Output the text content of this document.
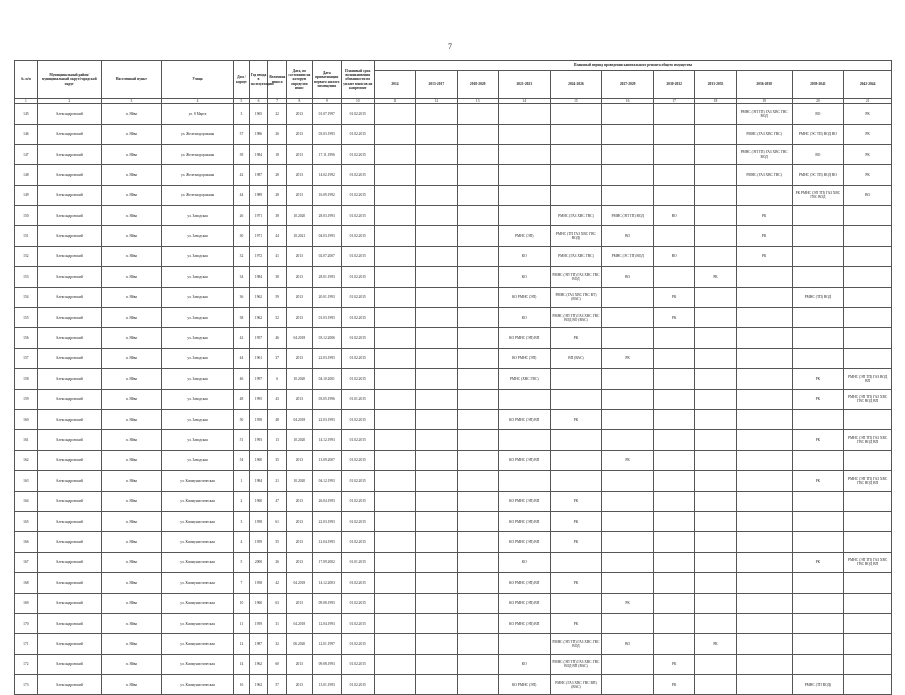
7
№ п/п	Муниципальный район/ муниципальный округ/городской округ	Населенный пункт	Улица	Дом / корпус	Год ввода в эксплуатацию	Величина износа	Дата, по состоянию на которую определен износ	Дата приватизации первого жилого помещения	Плановый срок возникновения обязанности по уплате взносов на капремонт	Плановый период проведения капитального ремонта общего имущества										
										2014	2015-2017	2018-2020	2021-2023	2024-2026	2027-2029	2030-2032	2033-2035	2036-2038	2039-2041	2042-2044
1	2	3	4	5	6	7	8	9	10	11	12	13	14	15	16	17	18	19	20	21
145	Александровский	п. Яйва	ул. 8 Марта	3	1965	22	2013	01.07.1997	01.02.2015									РМНС (ЭП ТП) ГАЗ ХВС ГВС ВОД	ВО	РК
146	Александровский	п. Яйва	ул. Железнодорожная	37	1986	26	2013	03.03.1993	01.02.2015									РМНС (ГАЗ ХВС ГВС)	РМНС (ЭС ТП) ВОД ВО	РК
147	Александровский	п. Яйва	ул. Железнодорожная	39	1984	18	2013	17.11.1996	01.02.2015									РМНС (ЭП ТП) ГАЗ ХВС ГВС ВОД	ВО	РК
148	Александровский	п. Яйва	ул. Железнодорожная	42	1987	28	2013	14.02.1992	01.02.2015									РМНС (ГАЗ ХВС ГВС)	РМНС (ЭС ТП) ВОД ВО	РК
149	Александровский	п. Яйва	ул. Железнодорожная	44	1989	28	2013	16.09.1992	01.02.2015										РК РМНС (ЭП ТП) ГАЗ ХВС ГВС ВОД	ВО
150	Александровский	п. Яйва	ул. Заводская	26	1971	38	10.2020	28.03.1993	01.02.2015					РМНС (ГАЗ ХВС ГВС)	РМНС (ЭП ТП) ВОД	ВО		РК		
151	Александровский	п. Яйва	ул. Заводская	30	1971	44	10.2021	04.03.1993	01.02.2015				РМНС (ЭП)	РМНС (ТП ГАЗ ХВС ГВС ВОД)	ВО			РК		
152	Александровский	п. Яйва	ул. Заводская	32	1972	41	2013	02.07.2007	01.02.2015				КО	РМНС (ГАЗ ХВС ГВС)	РМНС (ЭС ТП) ВОД	ВО		РК		
153	Александровский	п. Яйва	ул. Заводская	34	1984	38	2013	28.01.1993	01.02.2015				КО	РМНС (ЭП ТП) ГАЗ ХВС ГВС ВОД	ВО		РК			
154	Александровский	п. Яйва	ул. Заводская	36	1962	59	2013	20.01.1993	01.02.2015				КО РМНС (ЭП)	РМНС (ГАЗ ХВС ГВС ВТ) (ВАС)		РК			РМНС (ТП) ВОД	
155	Александровский	п. Яйва	ул. Заводская	38	1962	52	2013	01.03.1993	01.02.2015				КО	РМНС (ЭП ТП) ГАЗ ХВС ГВС ВОД ВО (ВАС)		РК				
156	Александровский	п. Яйва	ул. Заводская	42	1957	46	04.2018	03.12.2006	01.02.2015				КО РМНС (ЭП) ВП	РК						
157	Александровский	п. Яйва	ул. Заводская	44	1961	37	2013	22.03.1993	01.02.2015				КО РМНС (ЭП)	ВП (ВАС)	РК					
158	Александровский	п. Яйва	ул. Заводская	46	1997	6	10.2020	04.10.2001	01.02.2015				РМНС (ХВС ГВС)						РК	РМНС (ЭП ТП) ГАЗ ВОД ВП
159	Александровский	п. Яйва	ул. Заводская	48	1995	43	2013	03.05.1996	01.01.2015										РК	РМНС (ЭП ТП) ГАЗ ХВС ГВС ВОД ВП
160	Александровский	п. Яйва	ул. Заводская	50	1958	48	04.2018	22.03.1993	01.02.2015				КО РМНС (ЭП) ВП	РК						
161	Александровский	п. Яйва	ул. Заводская	51	1993	13	10.2020	14.12.1993	01.02.2015										РК	РМНС (ЭП ТП) ГАЗ ХВС ГВС ВОД ВП
162	Александровский	п. Яйва	ул. Заводская	54	1960	35	2013	13.09.2007	01.02.2015				КО РМНС (ЭП) ВП		РК					
163	Александровский	п. Яйва	ул. Коммунистическая	1	1984	21	10.2020	04.12.1993	01.02.2015										РК	РМНС (ЭП ТП) ГАЗ ХВС ГВС ВОД ВП
164	Александровский	п. Яйва	ул. Коммунистическая	2	1960	47	2013	26.04.1993	01.02.2015				КО РМНС (ЭП) ВП	РК						
165	Александровский	п. Яйва	ул. Коммунистическая	3	1958	61	2013	22.03.1993	01.02.2015				КО РМНС (ЭП) ВП	РК						
166	Александровский	п. Яйва	ул. Коммунистическая	4	1959	55	2013	12.04.1993	01.02.2015				КО РМНС (ЭП) ВП	РК						
167	Александровский	п. Яйва	ул. Коммунистическая	5	2000	26	2013	17.09.2002	01.01.2015				КО						РК	РМНС (ЭП ТП) ГАЗ ХВС ГВС ВОД ВП
168	Александровский	п. Яйва	ул. Коммунистическая	7	1958	42	04.2018	14.12.2003	01.02.2015				КО РМНС (ЭП) ВП	РК						
169	Александровский	п. Яйва	ул. Коммунистическая	10	1960	63	2013	09.08.1993	01.02.2015				КО РМНС (ЭП) ВП		РК					
170	Александровский	п. Яйва	ул. Коммунистическая	11	1959	31	04.2018	12.04.1993	01.02.2015				КО РМНС (ЭП) ВП	РК						
171	Александровский	п. Яйва	ул. Коммунистическая	12	1987	32	06.2020	12.01.1997	01.02.2015					РМНС (ЭП ТП) ГАЗ ХВС ГВС ВОД	ВО		РК			
172	Александровский	п. Яйва	ул. Коммунистическая	14	1962	60	2013	09.08.1993	01.02.2015				КО	РМНС (ЭП ТП) ГАЗ ХВС ГВС ВОД ВП (ВАС)		РК				
173	Александровский	п. Яйва	ул. Коммунистическая	16	1962	57	2013	13.01.1993	01.02.2015				КО РМНС (ЭП)	РМНС (ГАЗ ХВС ГВС ВП) (ВАС)		РК			РМНС (ТП ВОД)	
